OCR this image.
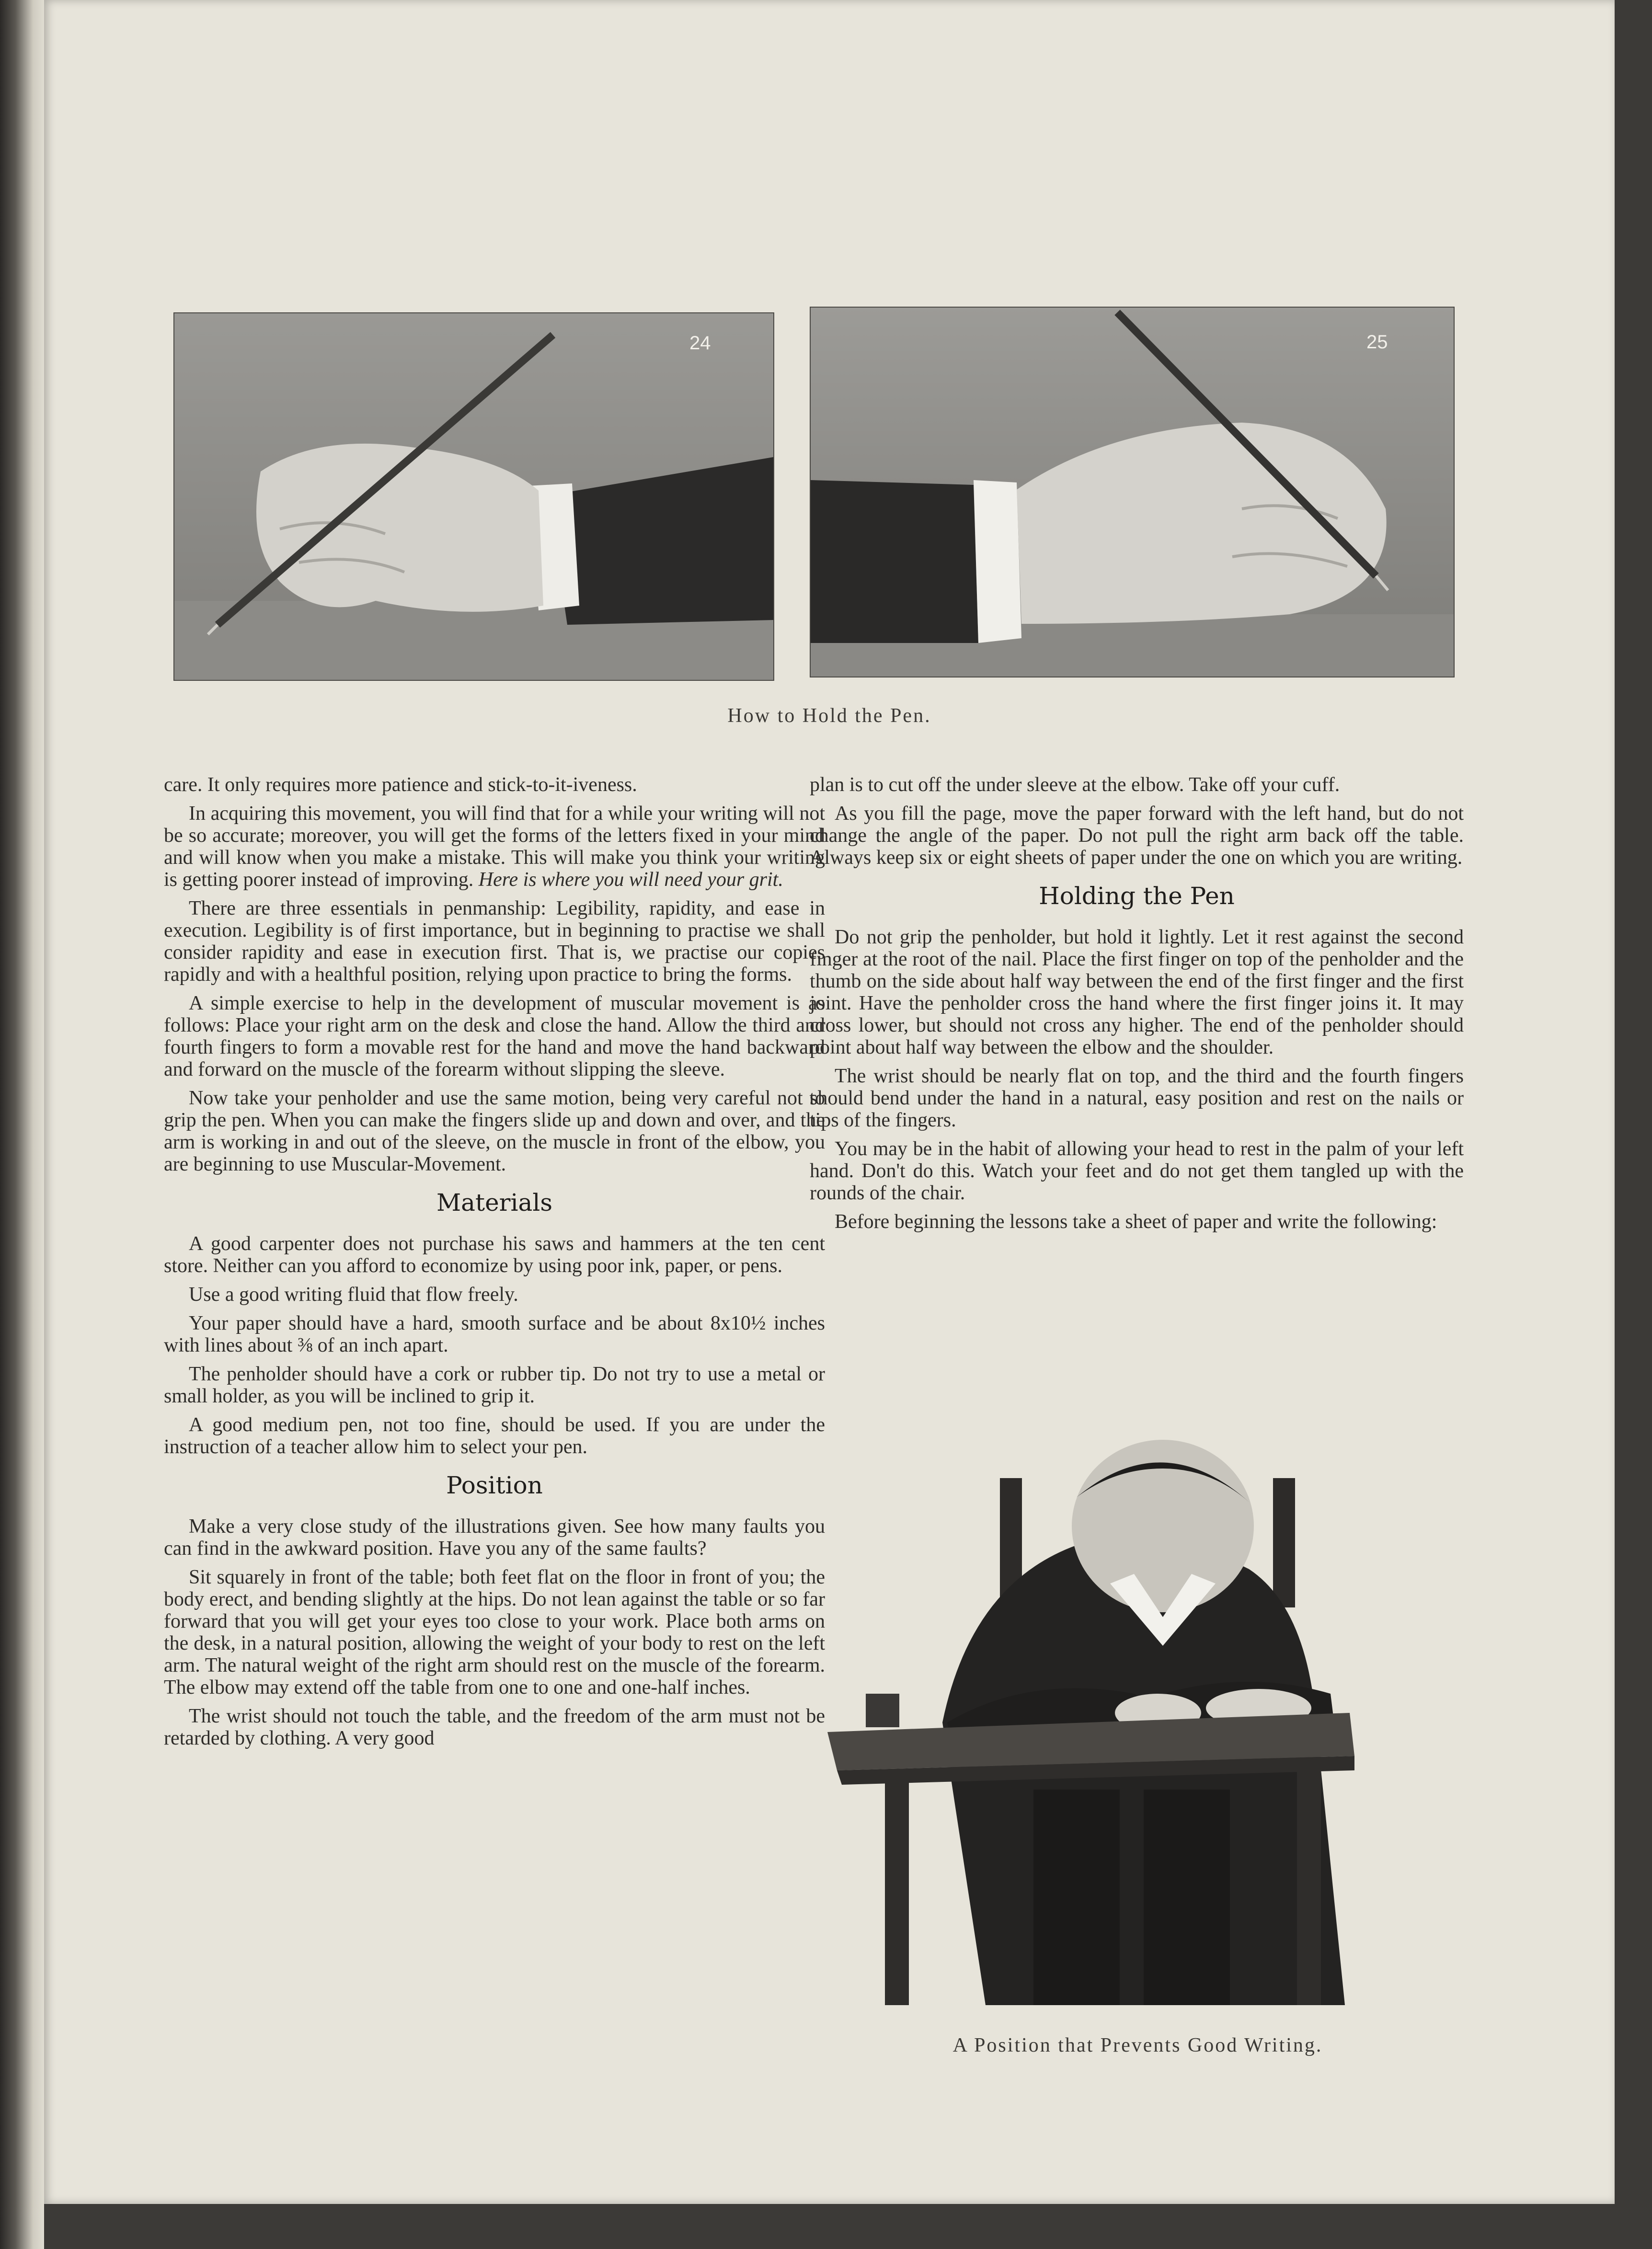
24	25
How to Hold the Pen.

care. It only requires more patience and stick-to-it-iveness.

In acquiring this movement, you will find that for a while your writing will not be so accurate; moreover, you will get the forms of the letters fixed in your mind and will know when you make a mistake. This will make you think your writing is getting poorer instead of improving. Here is where you will need your grit.

There are three essentials in penmanship: Legibility, rapidity, and ease in execution. Legibility is of first importance, but in beginning to practise we shall consider rapidity and ease in execution first. That is, we practise our copies rapidly and with a healthful position, relying upon practice to bring the forms.

A simple exercise to help in the development of muscular movement is as follows: Place your right arm on the desk and close the hand. Allow the third and fourth fingers to form a movable rest for the hand and move the hand backward and forward on the muscle of the forearm without slipping the sleeve.

Now take your penholder and use the same motion, being very careful not to grip the pen. When you can make the fingers slide up and down and over, and the arm is working in and out of the sleeve, on the muscle in front of the elbow, you are beginning to use Muscular-Movement.

Materials

A good carpenter does not purchase his saws and hammers at the ten cent store. Neither can you afford to economize by using poor ink, paper, or pens.

Use a good writing fluid that flow freely.

Your paper should have a hard, smooth surface and be about 8x10½ inches with lines about ⅜ of an inch apart.

The penholder should have a cork or rubber tip. Do not try to use a metal or small holder, as you will be inclined to grip it.

A good medium pen, not too fine, should be used. If you are under the instruction of a teacher allow him to select your pen.

Position

Make a very close study of the illustrations given. See how many faults you can find in the awkward position. Have you any of the same faults?

Sit squarely in front of the table; both feet flat on the floor in front of you; the body erect, and bending slightly at the hips. Do not lean against the table or so far forward that you will get your eyes too close to your work. Place both arms on the desk, in a natural position, allowing the weight of your body to rest on the left arm. The natural weight of the right arm should rest on the muscle of the forearm. The elbow may extend off the table from one to one and one-half inches.

The wrist should not touch the table, and the freedom of the arm must not be retarded by clothing. A very good

plan is to cut off the under sleeve at the elbow. Take off your cuff.

As you fill the page, move the paper forward with the left hand, but do not change the angle of the paper. Do not pull the right arm back off the table. Always keep six or eight sheets of paper under the one on which you are writing.

Holding the Pen

Do not grip the penholder, but hold it lightly. Let it rest against the second finger at the root of the nail. Place the first finger on top of the penholder and the thumb on the side about half way between the end of the first finger and the first joint. Have the penholder cross the hand where the first finger joins it. It may cross lower, but should not cross any higher. The end of the penholder should point about half way between the elbow and the shoulder.

The wrist should be nearly flat on top, and the third and the fourth fingers should bend under the hand in a natural, easy position and rest on the nails or tips of the fingers.

You may be in the habit of allowing your head to rest in the palm of your left hand. Don't do this. Watch your feet and do not get them tangled up with the rounds of the chair.

Before beginning the lessons take a sheet of paper and write the following:

A Position that Prevents Good Writing.
